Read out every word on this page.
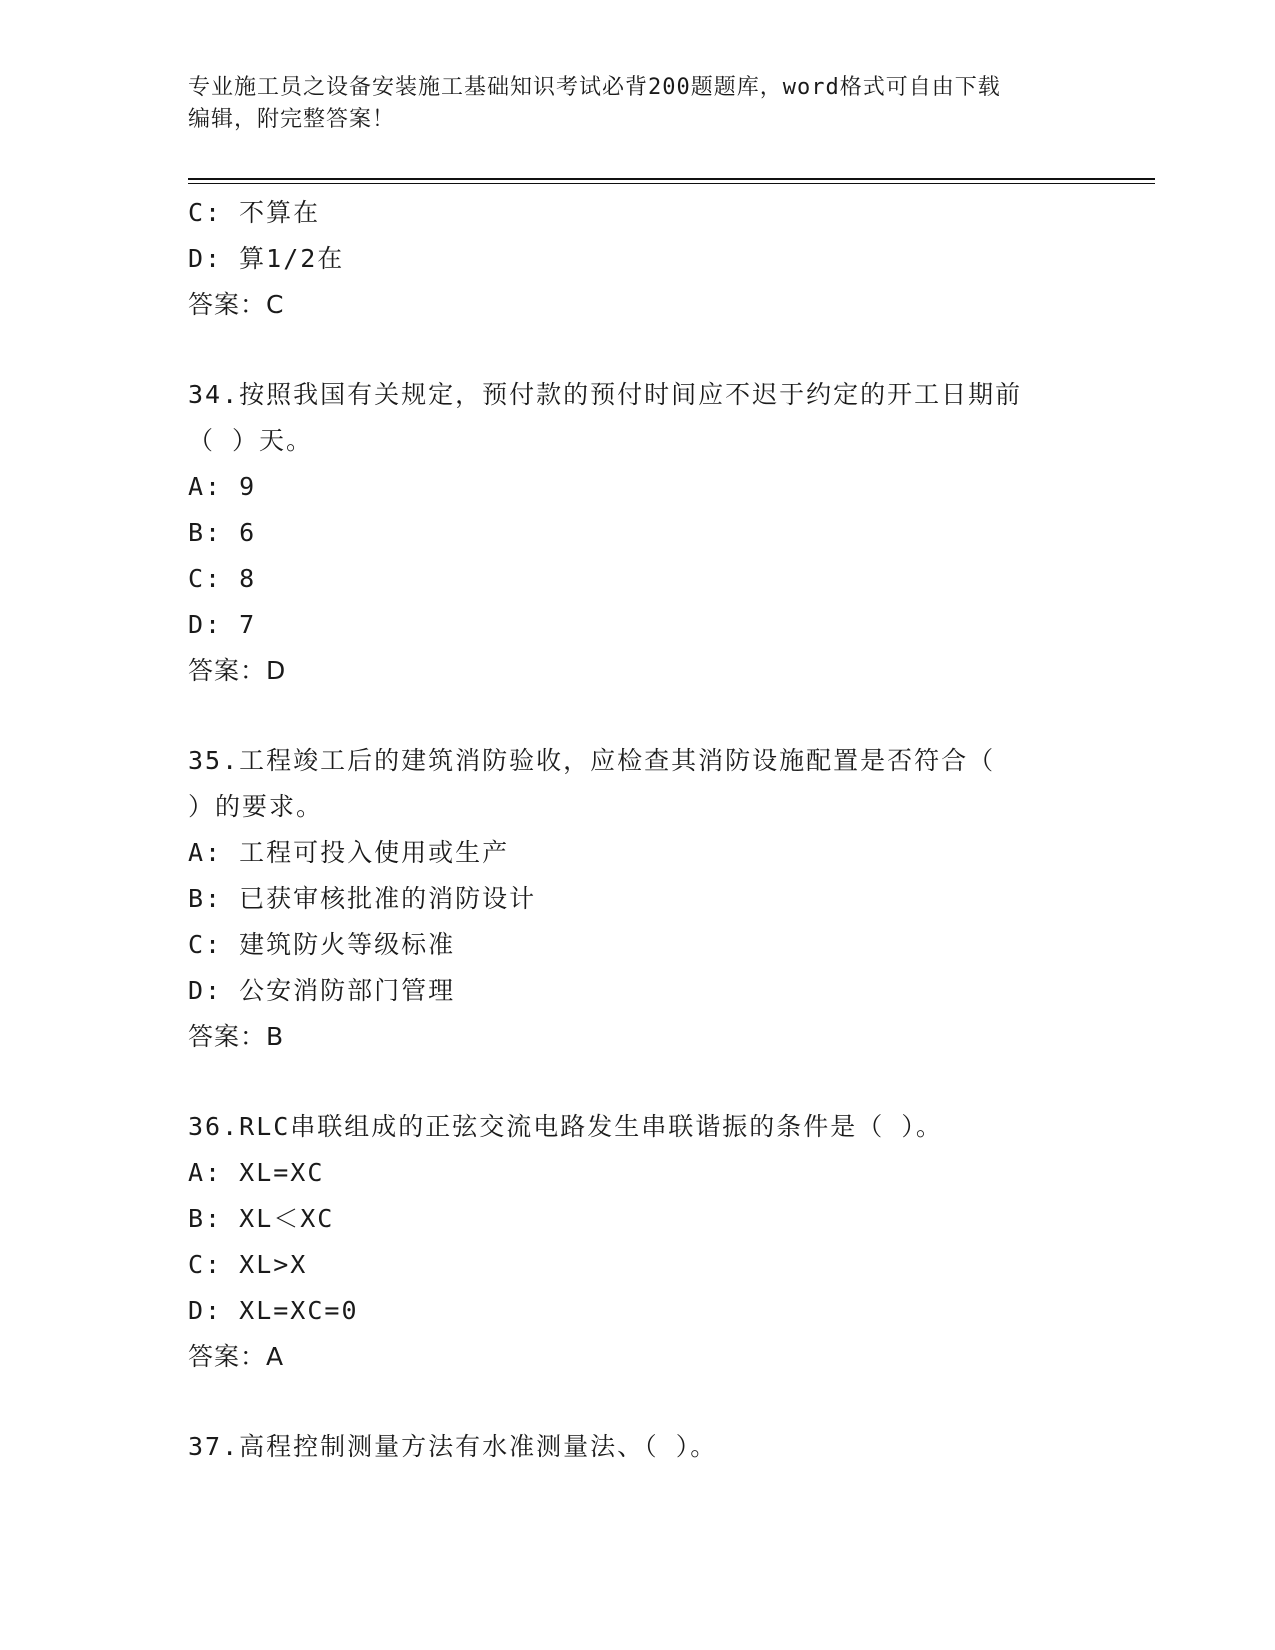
专业施工员之设备安装施工基础知识考试必背200题题库，word格式可自由下载
编辑，附完整答案！
C: 不算在
D: 算1/2在
答案：C
34.按照我国有关规定，预付款的预付时间应不迟于约定的开工日期前
（ ）天。
A: 9
B: 6
C: 8
D: 7
答案：D
35.工程竣工后的建筑消防验收，应检查其消防设施配置是否符合（
）的要求。
A: 工程可投入使用或生产
B: 已获审核批准的消防设计
C: 建筑防火等级标准
D: 公安消防部门管理
答案：B
36.RLC串联组成的正弦交流电路发生串联谐振的条件是（ ）。
A: XL=XC
B: XL＜XC
C: XL>X
D: XL=XC=0
答案：A
37.高程控制测量方法有水准测量法、（ ）。
